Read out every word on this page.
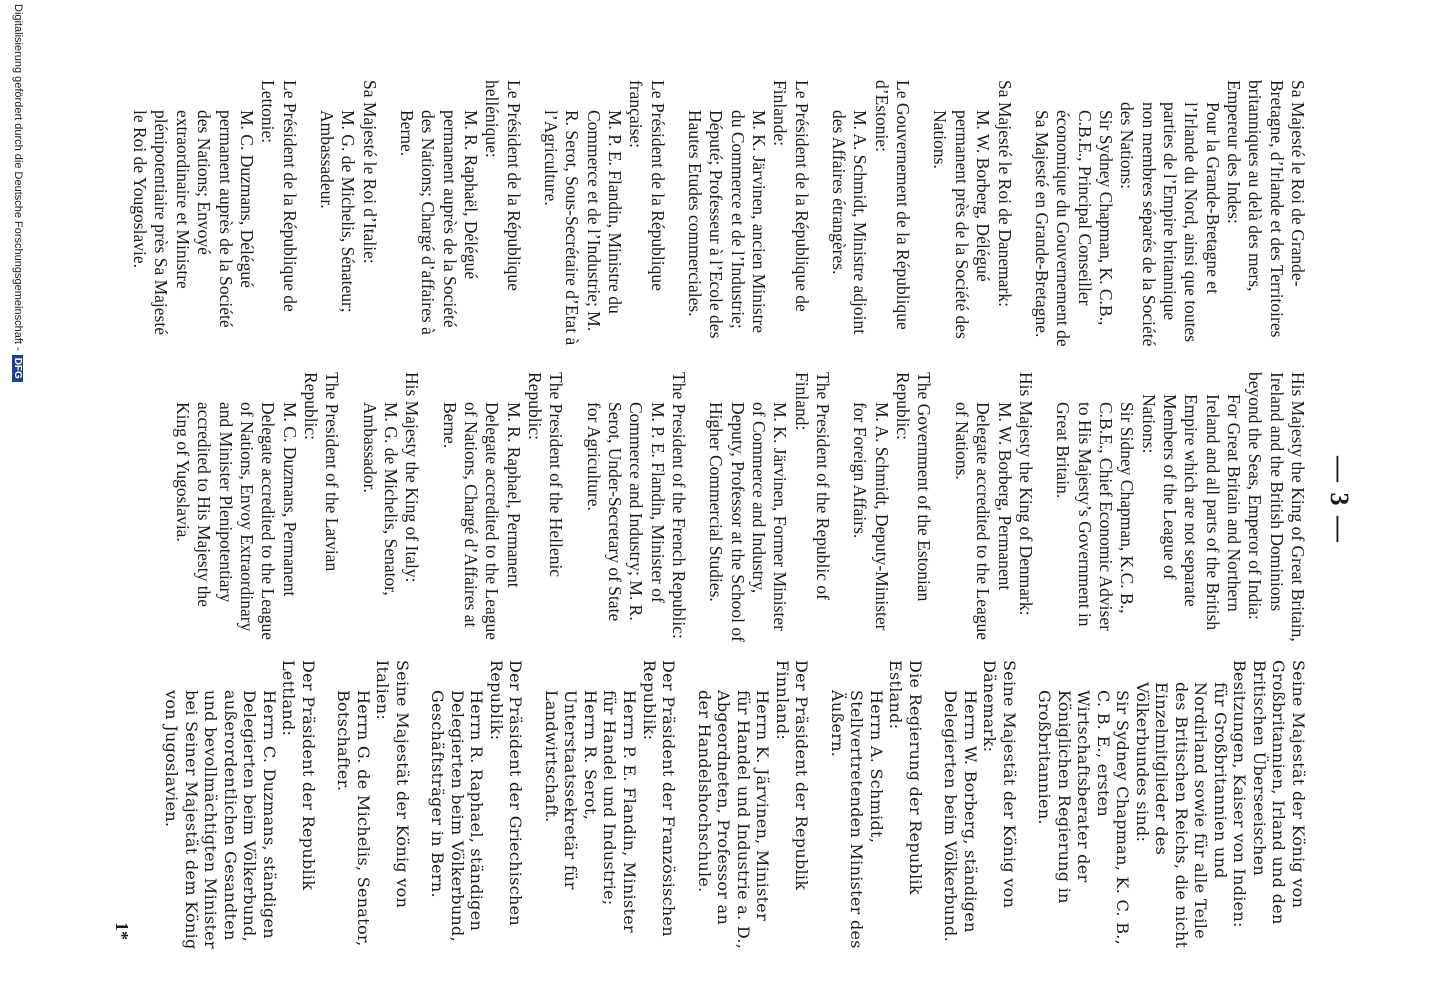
— 3 —

Sa Majesté le Roi de Grande-Bretagne, d’Irlande et des Territoires britanniques au delà des mers, Empereur des Indes:

Pour la Grande-Bretagne et l’Irlande du Nord, ainsi que toutes parties de l’Empire britannique non membres séparés de la Société des Nations:

Sir Sydney Chapman, K. C.B., C.B.E., Principal Conseiller économique du Gouvernement de Sa Majesté en Grande-Bretagne.

Sa Majesté le Roi de Danemark:

M. W. Borberg, Délégué permanent près de la Société des Nations.

Le Gouvernement de la République d’Estonie:

M. A. Schmidt, Ministre adjoint des Affaires étrangères.

Le Président de la République de Finlande:

M. K. Järvinen, ancien Ministre du Commerce et de l’Industrie; Député; Professeur à l’Ecole des Hautes Etudes commerciales.

Le Président de la République française:

M. P. E. Flandin, Ministre du Commerce et de l’Industrie; M. R. Serot, Sous-Secrétaire d’Etat à l’Agriculture.

Le Président de la République hellénique:

M. R. Raphaël, Délégué permanent auprès de la Société des Nations; Chargé d’affaires à Berne.

Sa Majesté le Roi d’Italie:

M. G. de Michelis, Sénateur; Ambassadeur.

Le Président de la République de Lettonie:

M. C. Duzmans, Délégué permanent auprès de la Société des Nations; Envoyé extraordinaire et Ministre plénipotentiaire près Sa Majesté le Roi de Yougoslavie.

His Majesty the King of Great Britain, Ireland and the British Dominions beyond the Seas, Emperor of India:

For Great Britain and Northern Ireland and all parts of the British Empire which are not separate Members of the League of Nations:

Sir Sidney Chapman, K.C. B., C.B.E., Chief Economic Adviser to His Majesty’s Government in Great Britain.

His Majesty the King of Denmark:

M. W. Borberg, Permanent Delegate accredited to the League of Nations.

The Government of the Estonian Republic:

M. A. Schmidt, Deputy-Minister for Foreign Affairs.

The President of the Republic of Finland:

M. K. Järvinen, Former Minister of Commerce and Industry, Deputy, Professor at the School of Higher Commercial Studies.

The President of the French Republic:

M. P. E. Flandin, Minister of Commerce and Industry; M. R. Serot, Under-Secretary of State for Agriculture.

The President of the Hellenic Republic:

M. R. Raphael, Permanent Delegate accredited to the League of Nations, Chargé d’Affaires at Berne.

His Majesty the King of Italy:

M. G. de Michelis, Senator, Ambassador.

The President of the Latvian Republic:

M. C. Duzmans, Permanent Delegate accredited to the League of Nations, Envoy Extraordinary and Minister Plenipotentiary accredited to His Majesty the King of Yugoslavia.

Seine Majestät der König von Großbritannien, Irland und den Britischen Überseeischen Besitzungen, Kaiser von Indien:

für Großbritannien und Nordirland sowie für alle Teile des Britischen Reichs, die nicht Einzelmitglieder des Völkerbundes sind:

Sir Sydney Chapman, K. C. B., C. B. E., ersten Wirtschaftsberater der Königlichen Regierung in Großbritannien.

Seine Majestät der König von Dänemark:

Herrn W. Borberg, ständigen Delegierten beim Völkerbund.

Die Regierung der Republik Estland:

Herrn A. Schmidt, Stellvertretenden Minister des Äußern.

Der Präsident der Republik Finnland:

Herrn K. Järvinen, Minister für Handel und Industrie a. D., Abgeordneten, Professor an der Handelshochschule.

Der Präsident der Französischen Republik:

Herrn P. E. Flandin, Minister für Handel und Industrie; Herrn R. Serot, Unterstaatssekretär für Landwirtschaft.

Der Präsident der Griechischen Republik:

Herrn R. Raphael, ständigen Delegierten beim Völkerbund, Geschäftsträger in Bern.

Seine Majestät der König von Italien:

Herrn G. de Michelis, Senator, Botschafter.

Der Präsident der Republik Lettland:

Herrn C. Duzmans, ständigen Delegierten beim Völkerbund, außerordentlichen Gesandten und bevollmächtigten Minister bei Seiner Majestät dem König von Jugoslavien.

1*
Digitalisierung gefördert durch die Deutsche Forschungsgemeinschaft -DFG
